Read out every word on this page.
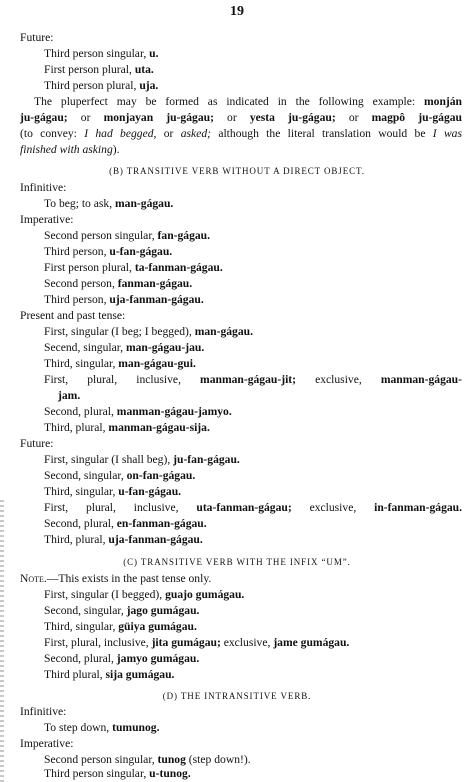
19
Future:
Third person singular, u.
First person plural, uta.
Third person plural, uja.
The pluperfect may be formed as indicated in the following example: monján
ju-gágau; or monjayan ju-gágau; or yesta ju-gágau; or magpô ju-gágau
(to convey: I had begged, or asked; although the literal translation would be I was
finished with asking).
(B) TRANSITIVE VERB WITHOUT A DIRECT OBJECT.
Infinitive:
To beg; to ask, man-gágau.
Imperative:
Second person singular, fan-gágau.
Third person, u-fan-gágau.
First person plural, ta-fanman-gágau.
Second person, fanman-gágau.
Third person, uja-fanman-gágau.
Present and past tense:
First, singular (I beg; I begged), man-gágau.
Secend, singular, man-gágau-jau.
Third, singular, man-gágau-gui.
First, plural, inclusive, manman-gágau-jit; exclusive, manman-gágau-
jam.
Second, plural, manman-gágau-jamyo.
Third, plural, manman-gágau-sija.
Future:
First, singular (I shall beg), ju-fan-gágau.
Second, singular, on-fan-gágau.
Third, singular, u-fan-gágau.
First, plural, inclusive, uta-fanman-gágau; exclusive, in-fanman-gágau.
Second, plural, en-fanman-gágau.
Third, plural, uja-fanman-gágau.
(C) TRANSITIVE VERB WITH THE INFIX “UM”.
Note.—This exists in the past tense only.
First, singular (I begged), guajo gumágau.
Second, singular, jago gumágau.
Third, singular, güiya gumágau.
First, plural, inclusive, jita gumágau; exclusive, jame gumágau.
Second, plural, jamyo gumágau.
Third plural, sija gumágau.
(D) THE INTRANSITIVE VERB.
Infinitive:
To step down, tumunog.
Imperative:
Second person singular, tunog (step down!).
Third person singular, u-tunog.
